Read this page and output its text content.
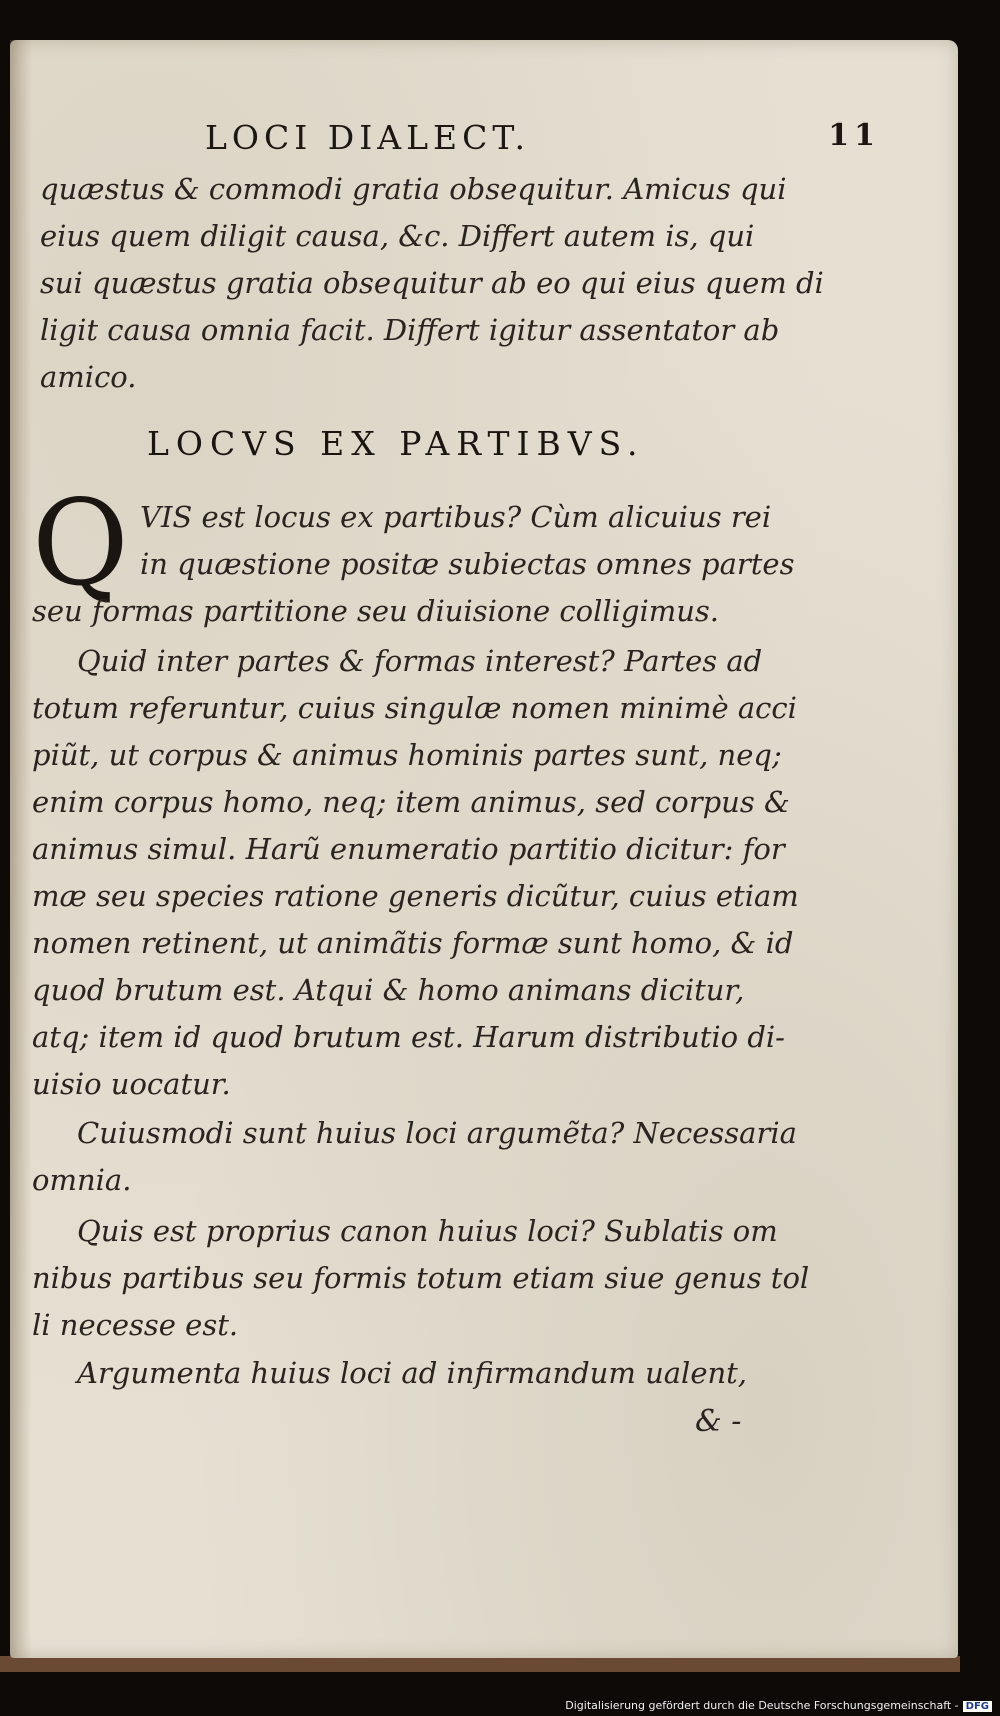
LOCI DIALECT.	11
quæstus & commodi gratia obsequitur. Amicus qui
eius quem diligit causa, &c. Differt autem is, qui
sui quæstus gratia obsequitur ab eo qui eius quem di
ligit causa omnia facit. Differt igitur assentator ab
amico.
LOCVS EX PARTIBVS.
Q VIS est locus ex partibus? Cùm alicuius rei
in quæstione positæ subiectas omnes partes
seu formas partitione seu diuisione colligimus.
Quid inter partes & formas interest? Partes ad
totum referuntur, cuius singulæ nomen minimè acci
piũt, ut corpus & animus hominis partes sunt, neq;
enim corpus homo, neq; item animus, sed corpus &
animus simul. Harũ enumeratio partitio dicitur: for
mæ seu species ratione generis dicũtur, cuius etiam
nomen retinent, ut animãtis formæ sunt homo, & id
quod brutum est. Atqui & homo animans dicitur,
atq; item id quod brutum est. Harum distributio di-
uisio uocatur.
Cuiusmodi sunt huius loci argumẽta? Necessaria
omnia.
Quis est proprius canon huius loci? Sublatis om
nibus partibus seu formis totum etiam siue genus tol
li necesse est.
Argumenta huius loci ad infirmandum ualent,
& -
Digitalisierung gefördert durch die Deutsche Forschungsgemeinschaft - DFG
